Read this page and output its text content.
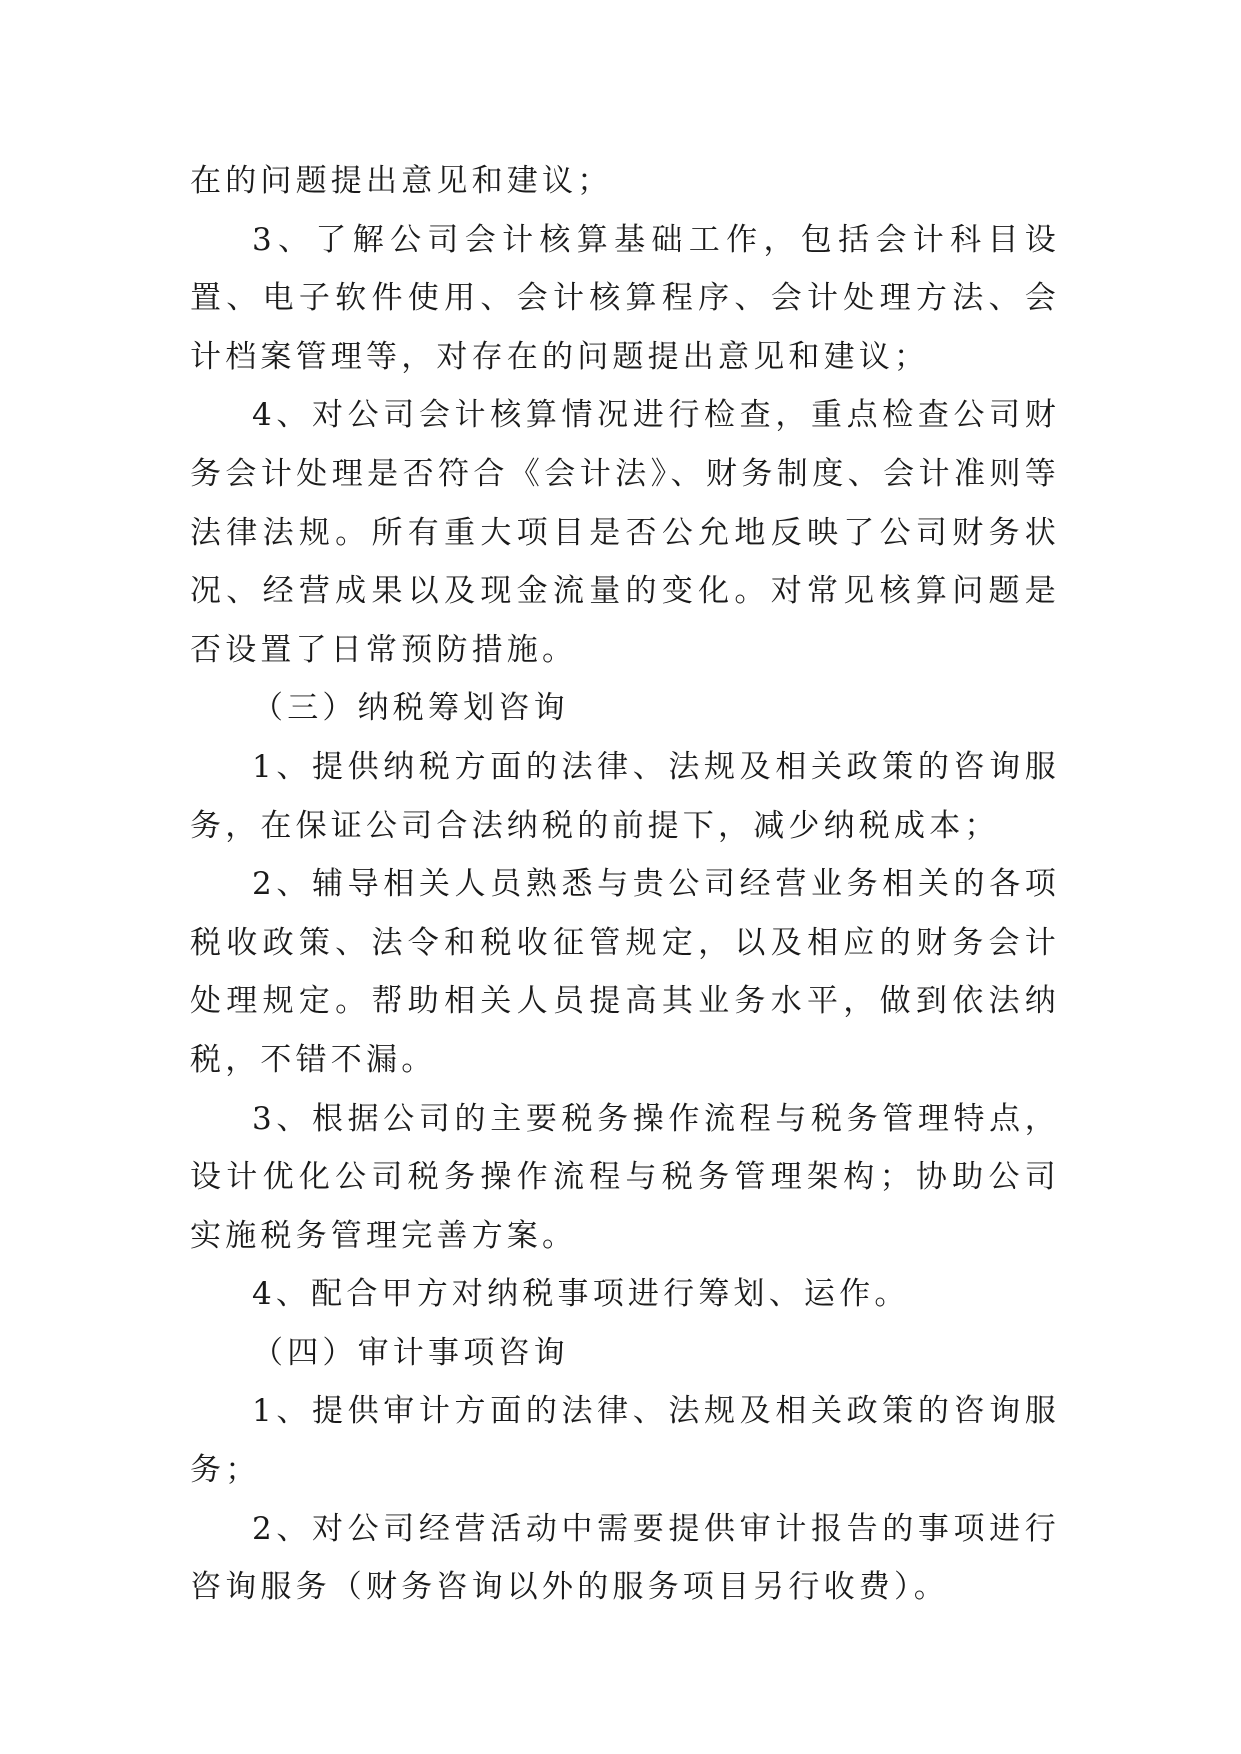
在的问题提出意见和建议；

3、了解公司会计核算基础工作，包括会计科目设置、电子软件使用、会计核算程序、会计处理方法、会计档案管理等，对存在的问题提出意见和建议；

4、对公司会计核算情况进行检查，重点检查公司财务会计处理是否符合《会计法》、财务制度、会计准则等法律法规。所有重大项目是否公允地反映了公司财务状况、经营成果以及现金流量的变化。对常见核算问题是否设置了日常预防措施。

（三）纳税筹划咨询

1、提供纳税方面的法律、法规及相关政策的咨询服务，在保证公司合法纳税的前提下，减少纳税成本；

2、辅导相关人员熟悉与贵公司经营业务相关的各项税收政策、法令和税收征管规定，以及相应的财务会计处理规定。帮助相关人员提高其业务水平，做到依法纳税，不错不漏。

3、根据公司的主要税务操作流程与税务管理特点，设计优化公司税务操作流程与税务管理架构；协助公司实施税务管理完善方案。

4、配合甲方对纳税事项进行筹划、运作。

（四）审计事项咨询

1、提供审计方面的法律、法规及相关政策的咨询服务；

2、对公司经营活动中需要提供审计报告的事项进行咨询服务（财务咨询以外的服务项目另行收费）。
